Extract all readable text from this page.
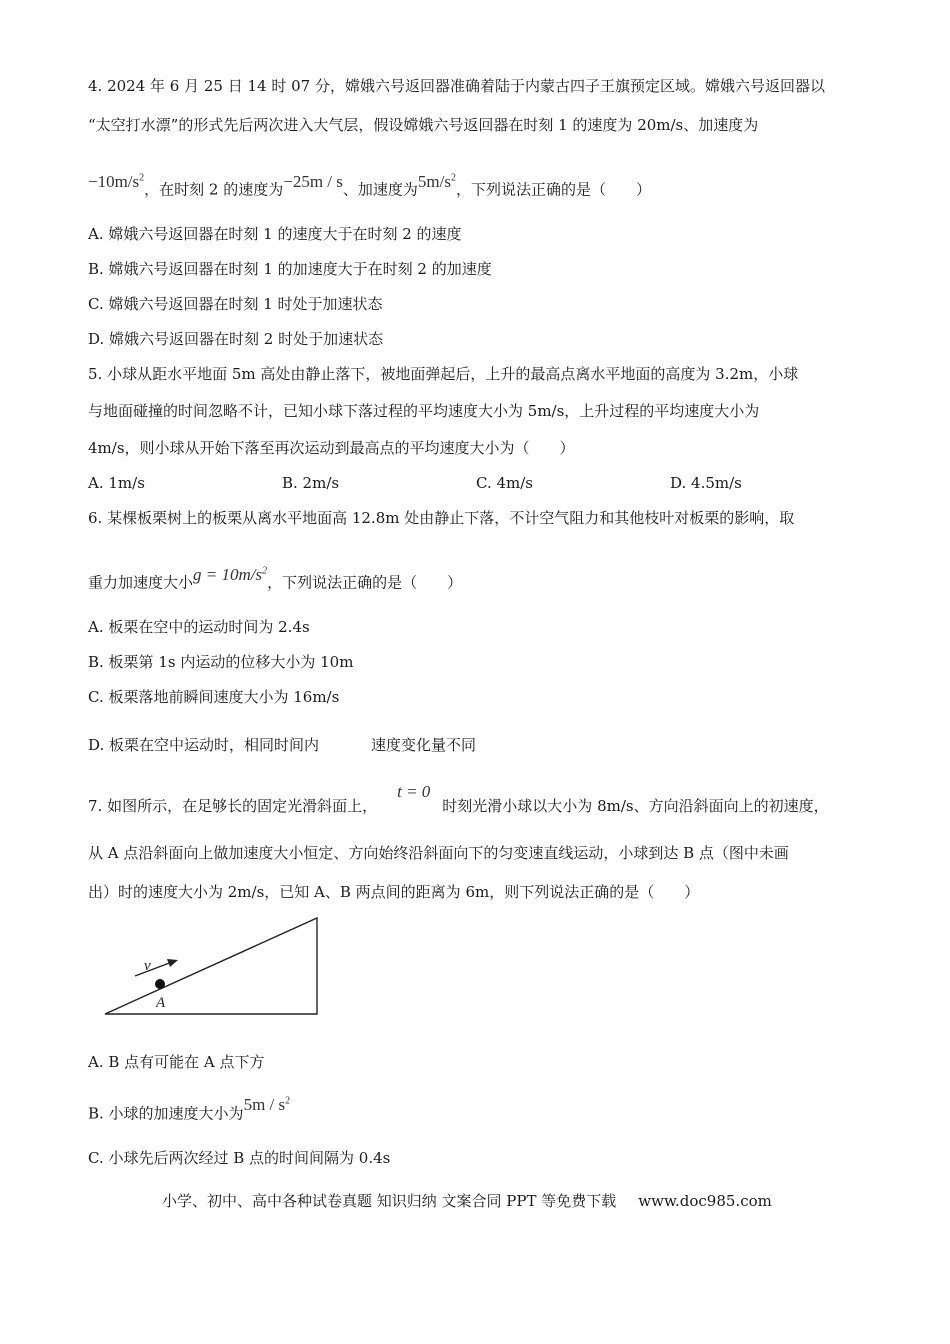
4. 2024 年 6 月 25 日 14 时 07 分，嫦娥六号返回器准确着陆于内蒙古四子王旗预定区域。嫦娥六号返回器以
“太空打水漂”的形式先后两次进入大气层，假设嫦娥六号返回器在时刻 1 的速度为 20m/s、加速度为
$-10m/s^2$，在时刻 2 的速度为−25m / s、加速度为$5m/s^2$，下列说法正确的是（　　）
A. 嫦娥六号返回器在时刻 1 的速度大于在时刻 2 的速度
B. 嫦娥六号返回器在时刻 1 的加速度大于在时刻 2 的加速度
C. 嫦娥六号返回器在时刻 1 时处于加速状态
D. 嫦娥六号返回器在时刻 2 时处于加速状态
5. 小球从距水平地面 5m 高处由静止落下，被地面弹起后，上升的最高点离水平地面的高度为 3.2m，小球
与地面碰撞的时间忽略不计，已知小球下落过程的平均速度大小为 5m/s，上升过程的平均速度大小为
4m/s，则小球从开始下落至再次运动到最高点的平均速度大小为（　　）
A. 1m/s	B. 2m/s	C. 4m/s	D. 4.5m/s
6. 某棵板栗树上的板栗从离水平地面高 12.8m 处由静止下落，不计空气阻力和其他枝叶对板栗的影响，取
重力加速度大小$g = 10m/s^2$，下列说法正确的是（　　）
A. 板栗在空中的运动时间为 2.4s
B. 板栗第 1s 内运动的位移大小为 10m
C. 板栗落地前瞬间速度大小为 16m/s
D. 板栗在空中运动时，相同时间内	速度变化量不同
7. 如图所示，在足够长的固定光滑斜面上，t = 0时刻光滑小球以大小为 8m/s、方向沿斜面向上的初速度，
从 A 点沿斜面向上做加速度大小恒定、方向始终沿斜面向下的匀变速直线运动，小球到达 B 点（图中未画
出）时的速度大小为 2m/s，已知 A、B 两点间的距离为 6m，则下列说法正确的是（　　）
v
A
A. B 点有可能在 A 点下方
B. 小球的加速度大小为$5m / s^2$
C. 小球先后两次经过 B 点的时间间隔为 0.4s
小学、初中、高中各种试卷真题 知识归纳 文案合同 PPT 等免费下载 www.doc985.com
